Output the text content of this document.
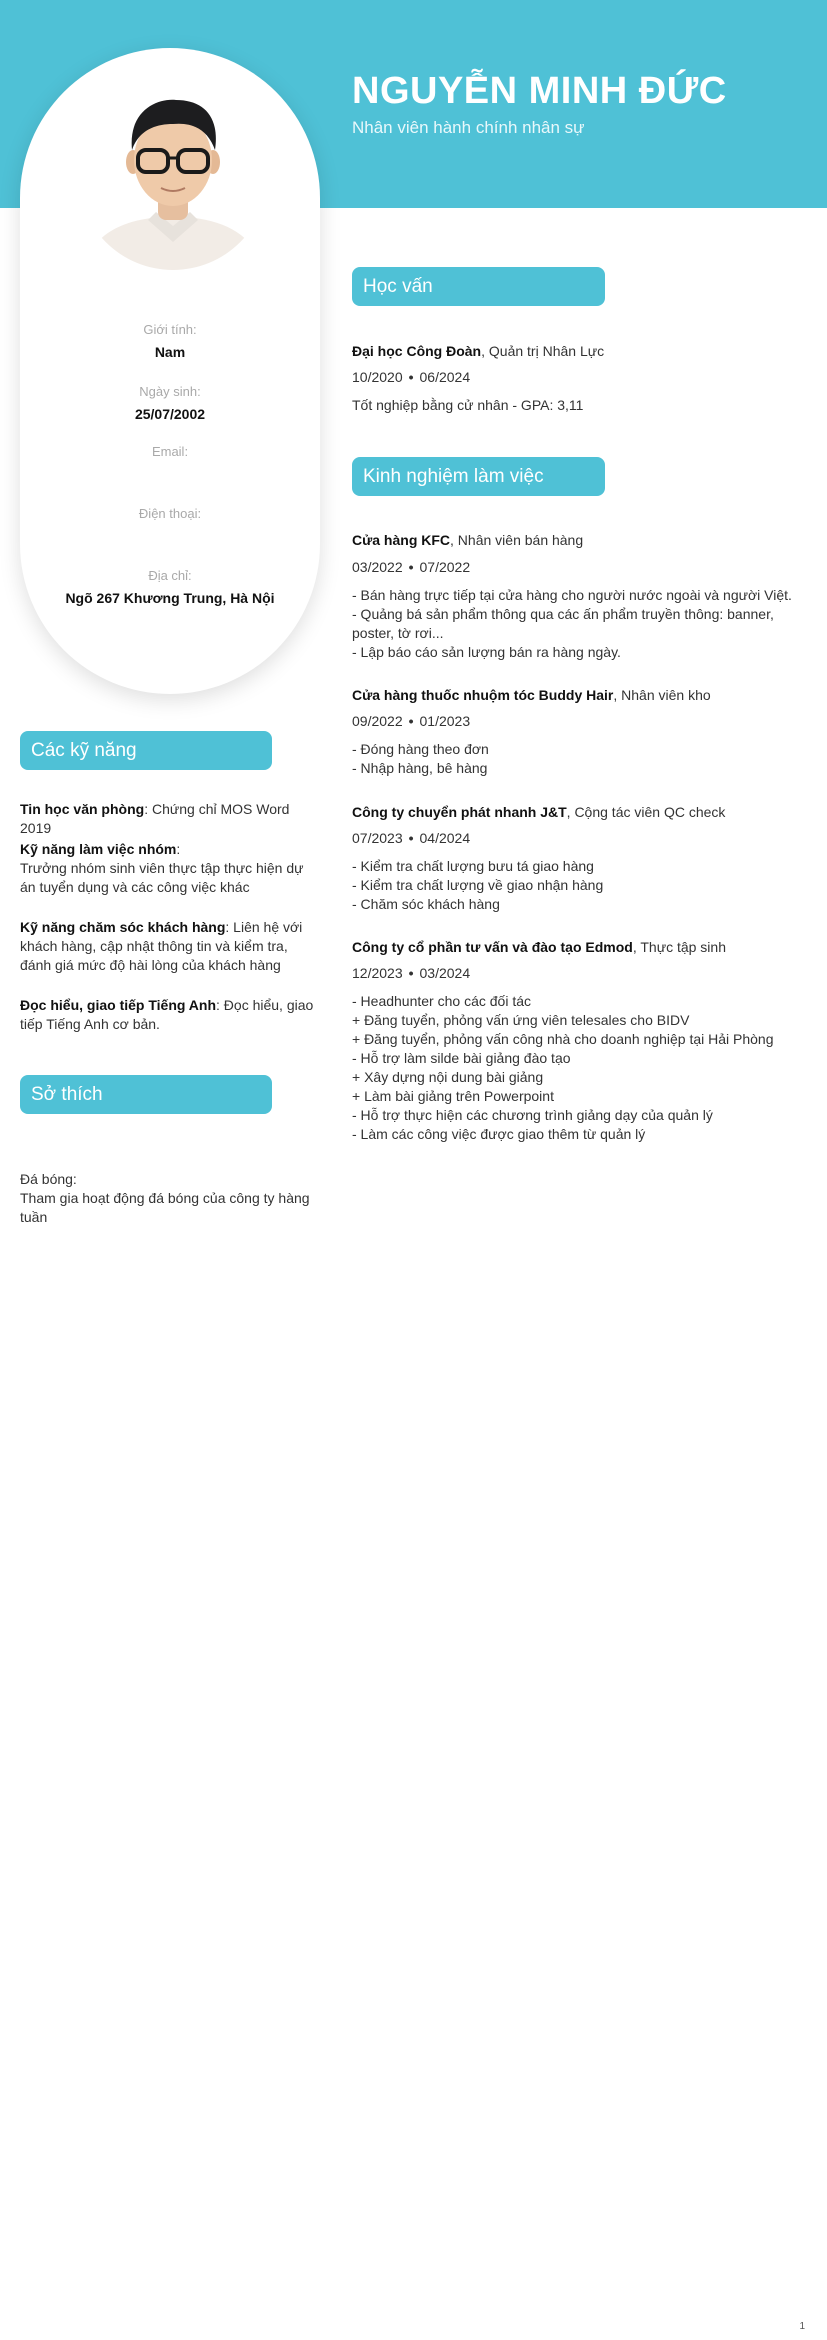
NGUYỄN MINH ĐỨC
Nhân viên hành chính nhân sự
Giới tính:
Nam
Ngày sinh:
25/07/2002
Email:
Điện thoại:
Địa chỉ:
Ngõ 267 Khương Trung, Hà Nội
Các kỹ năng
Tin học văn phòng: Chứng chỉ MOS Word 2019
Kỹ năng làm việc nhóm:
Trưởng nhóm sinh viên thực tập thực hiện dự án tuyển dụng và các công việc khác
Kỹ năng chăm sóc khách hàng: Liên hệ với khách hàng, cập nhật thông tin và kiểm tra, đánh giá mức độ hài lòng của khách hàng
Đọc hiểu, giao tiếp Tiếng Anh: Đọc hiểu, giao tiếp Tiếng Anh cơ bản.
Sở thích
Đá bóng:
Tham gia hoạt động đá bóng của công ty hàng tuần
Học vấn
Đại học Công Đoàn, Quản trị Nhân Lực
10/2020 • 06/2024
Tốt nghiệp bằng cử nhân - GPA: 3,11
Kinh nghiệm làm việc
Cửa hàng KFC, Nhân viên bán hàng
03/2022 • 07/2022
- Bán hàng trực tiếp tại cửa hàng cho người nước ngoài và người Việt.
- Quảng bá sản phẩm thông qua các ấn phẩm truyền thông: banner, poster, tờ rơi...
- Lập báo cáo sản lượng bán ra hàng ngày.
Cửa hàng thuốc nhuộm tóc Buddy Hair, Nhân viên kho
09/2022 • 01/2023
- Đóng hàng theo đơn
- Nhập hàng, bê hàng
Công ty chuyển phát nhanh J&T, Cộng tác viên QC check
07/2023 • 04/2024
- Kiểm tra chất lượng bưu tá giao hàng
- Kiểm tra chất lượng về giao nhận hàng
- Chăm sóc khách hàng
Công ty cổ phần tư vấn và đào tạo Edmod, Thực tập sinh
12/2023 • 03/2024
- Headhunter cho các đối tác
+ Đăng tuyển, phỏng vấn ứng viên telesales cho BIDV
+ Đăng tuyển, phỏng vấn công nhà cho doanh nghiệp tại Hải Phòng
- Hỗ trợ làm silde bài giảng đào tạo
+ Xây dựng nội dung bài giảng
+ Làm bài giảng trên Powerpoint
- Hỗ trợ thực hiện các chương trình giảng dạy của quản lý
- Làm các công việc được giao thêm từ quản lý
1
